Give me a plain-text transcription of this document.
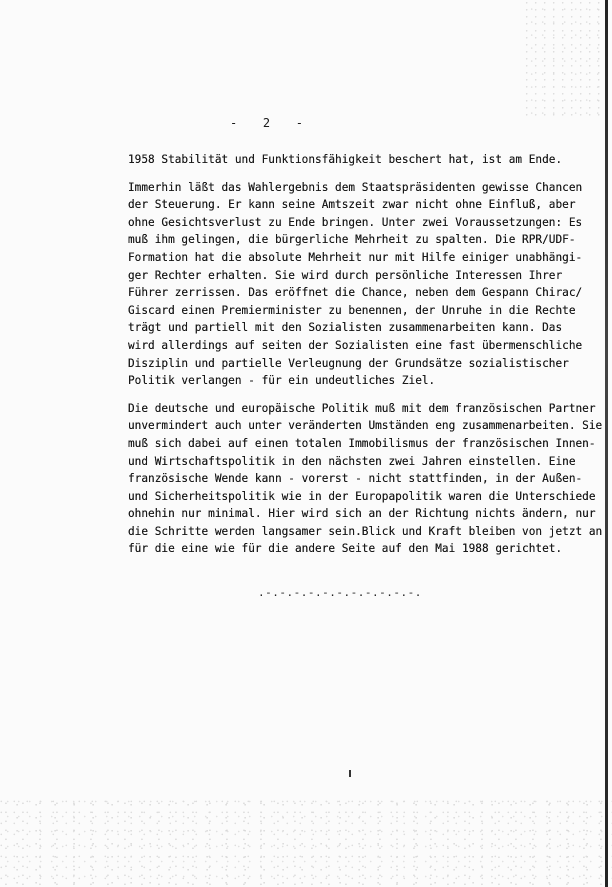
-   2   -
1958 Stabilität und Funktionsfähigkeit beschert hat, ist am Ende.
Immerhin läßt das Wahlergebnis dem Staatspräsidenten gewisse Chancen
der Steuerung. Er kann seine Amtszeit zwar nicht ohne Einfluß, aber
ohne Gesichtsverlust zu Ende bringen. Unter zwei Voraussetzungen: Es
muß ihm gelingen, die bürgerliche Mehrheit zu spalten. Die RPR/UDF-
Formation hat die absolute Mehrheit nur mit Hilfe einiger unabhängi-
ger Rechter erhalten. Sie wird durch persönliche Interessen Ihrer
Führer zerrissen. Das eröffnet die Chance, neben dem Gespann Chirac/
Giscard einen Premierminister zu benennen, der Unruhe in die Rechte
trägt und partiell mit den Sozialisten zusammenarbeiten kann. Das
wird allerdings auf seiten der Sozialisten eine fast übermenschliche
Disziplin und partielle Verleugnung der Grundsätze sozialistischer
Politik verlangen - für ein undeutliches Ziel.
Die deutsche und europäische Politik muß mit dem französischen Partner
unvermindert auch unter veränderten Umständen eng zusammenarbeiten. Sie
muß sich dabei auf einen totalen Immobilismus der französischen Innen-
und Wirtschaftspolitik in den nächsten zwei Jahren einstellen. Eine
französische Wende kann - vorerst - nicht stattfinden, in der Außen-
und Sicherheitspolitik wie in der Europapolitik waren die Unterschiede
ohnehin nur minimal. Hier wird sich an der Richtung nichts ändern, nur
die Schritte werden langsamer sein.Blick und Kraft bleiben von jetzt an
für die eine wie für die andere Seite auf den Mai 1988 gerichtet.
.-.-.-.-.-.-.-.-.-.-.-.
